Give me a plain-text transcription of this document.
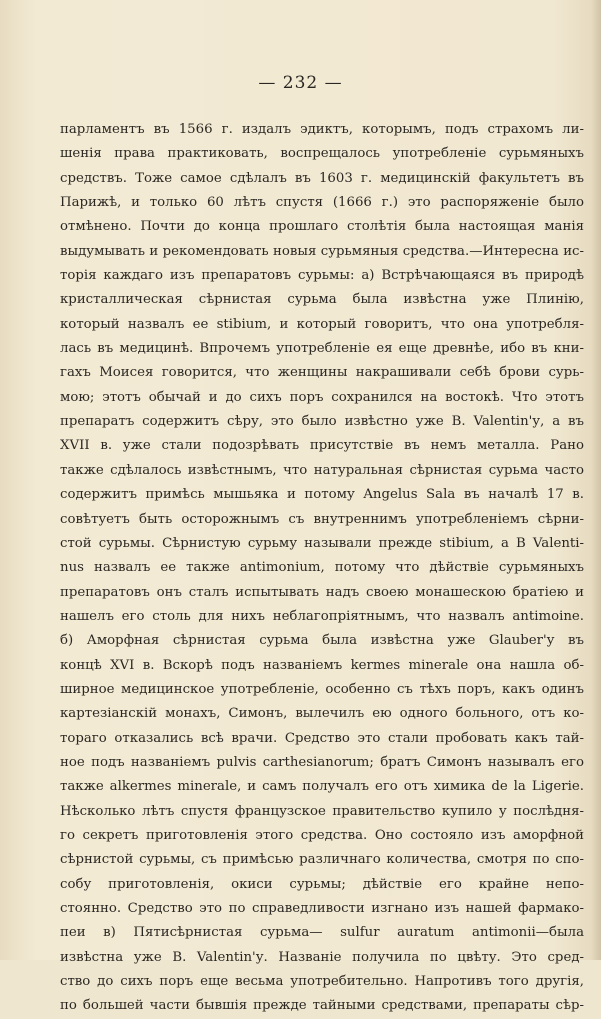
— 232 —
парламентъ въ 1566 г. издалъ эдиктъ, которымъ, подъ страхомъ ли-
шенія права практиковать, воспрещалось употребленіе сурьмяныхъ
средствъ. Тоже самое сдѣлалъ въ 1603 г. медицинскій факультетъ въ
Парижѣ, и только 60 лѣтъ спустя (1666 г.) это распоряженіе было
отмѣнено. Почти до конца прошлаго столѣтія была настоящая манія
выдумывать и рекомендовать новыя сурьмяныя средства.—Интересна ис-
торія каждаго изъ препаратовъ сурьмы: а) Встрѣчающаяся въ природѣ
кристаллическая сѣрнистая сурьма была извѣстна уже Плинію,
который назвалъ ее stibium, и который говоритъ, что она употребля-
лась въ медицинѣ. Впрочемъ употребленіе ея еще древнѣе, ибо въ кни-
гахъ Моисея говорится, что женщины накрашивали себѣ брови сурь-
мою; этотъ обычай и до сихъ поръ сохранился на востокѣ. Что этотъ
препаратъ содержитъ сѣру, это было извѣстно уже В. Valentin'у, а въ
XVII в. уже стали подозрѣвать присутствіе въ немъ металла. Рано
также сдѣлалось извѣстнымъ, что натуральная сѣрнистая сурьма часто
содержитъ примѣсь мышьяка и потому Angelus Sala въ началѣ 17 в.
совѣтуетъ быть осторожнымъ съ внутреннимъ употребленіемъ сѣрни-
стой сурьмы. Сѣрнистую сурьму называли прежде stibium, а В Valenti-
nus назвалъ ее также antimonium, потому что дѣйствіе сурьмяныхъ
препаратовъ онъ сталъ испытывать надъ своею монашескою братіею и
нашелъ его столь для нихъ неблагопріятнымъ, что назвалъ antimoine.
б) Аморфная сѣрнистая сурьма была извѣстна уже Glauber'у въ
концѣ XVI в. Вскорѣ подъ названіемъ kermes minerale она нашла об-
ширное медицинское употребленіе, особенно съ тѣхъ поръ, какъ одинъ
картезіанскій монахъ, Симонъ, вылечилъ ею одного больного, отъ ко-
тораго отказались всѣ врачи. Средство это стали пробовать какъ тай-
ное подъ названіемъ pulvis carthesianorum; братъ Симонъ называлъ его
также alkermes minerale, и самъ получалъ его отъ химика de la Ligerie.
Нѣсколько лѣтъ спустя французское правительство купило у послѣдня-
го секретъ приготовленія этого средства. Оно состояло изъ аморфной
сѣрнистой сурьмы, съ примѣсью различнаго количества, смотря по спо-
собу приготовленія, окиси сурьмы; дѣйствіе его крайне непо-
стоянно. Средство это по справедливости изгнано изъ нашей фармако-
пеи в) Пятисѣрнистая сурьма— sulfur auratum antimonii—была
извѣстна уже В. Valentin'у. Названіе получила по цвѣту. Это сред-
ство до сихъ поръ еще весьма употребительно. Напротивъ того другія,
по большей части бывшія прежде тайными средствами, препараты сѣр-
